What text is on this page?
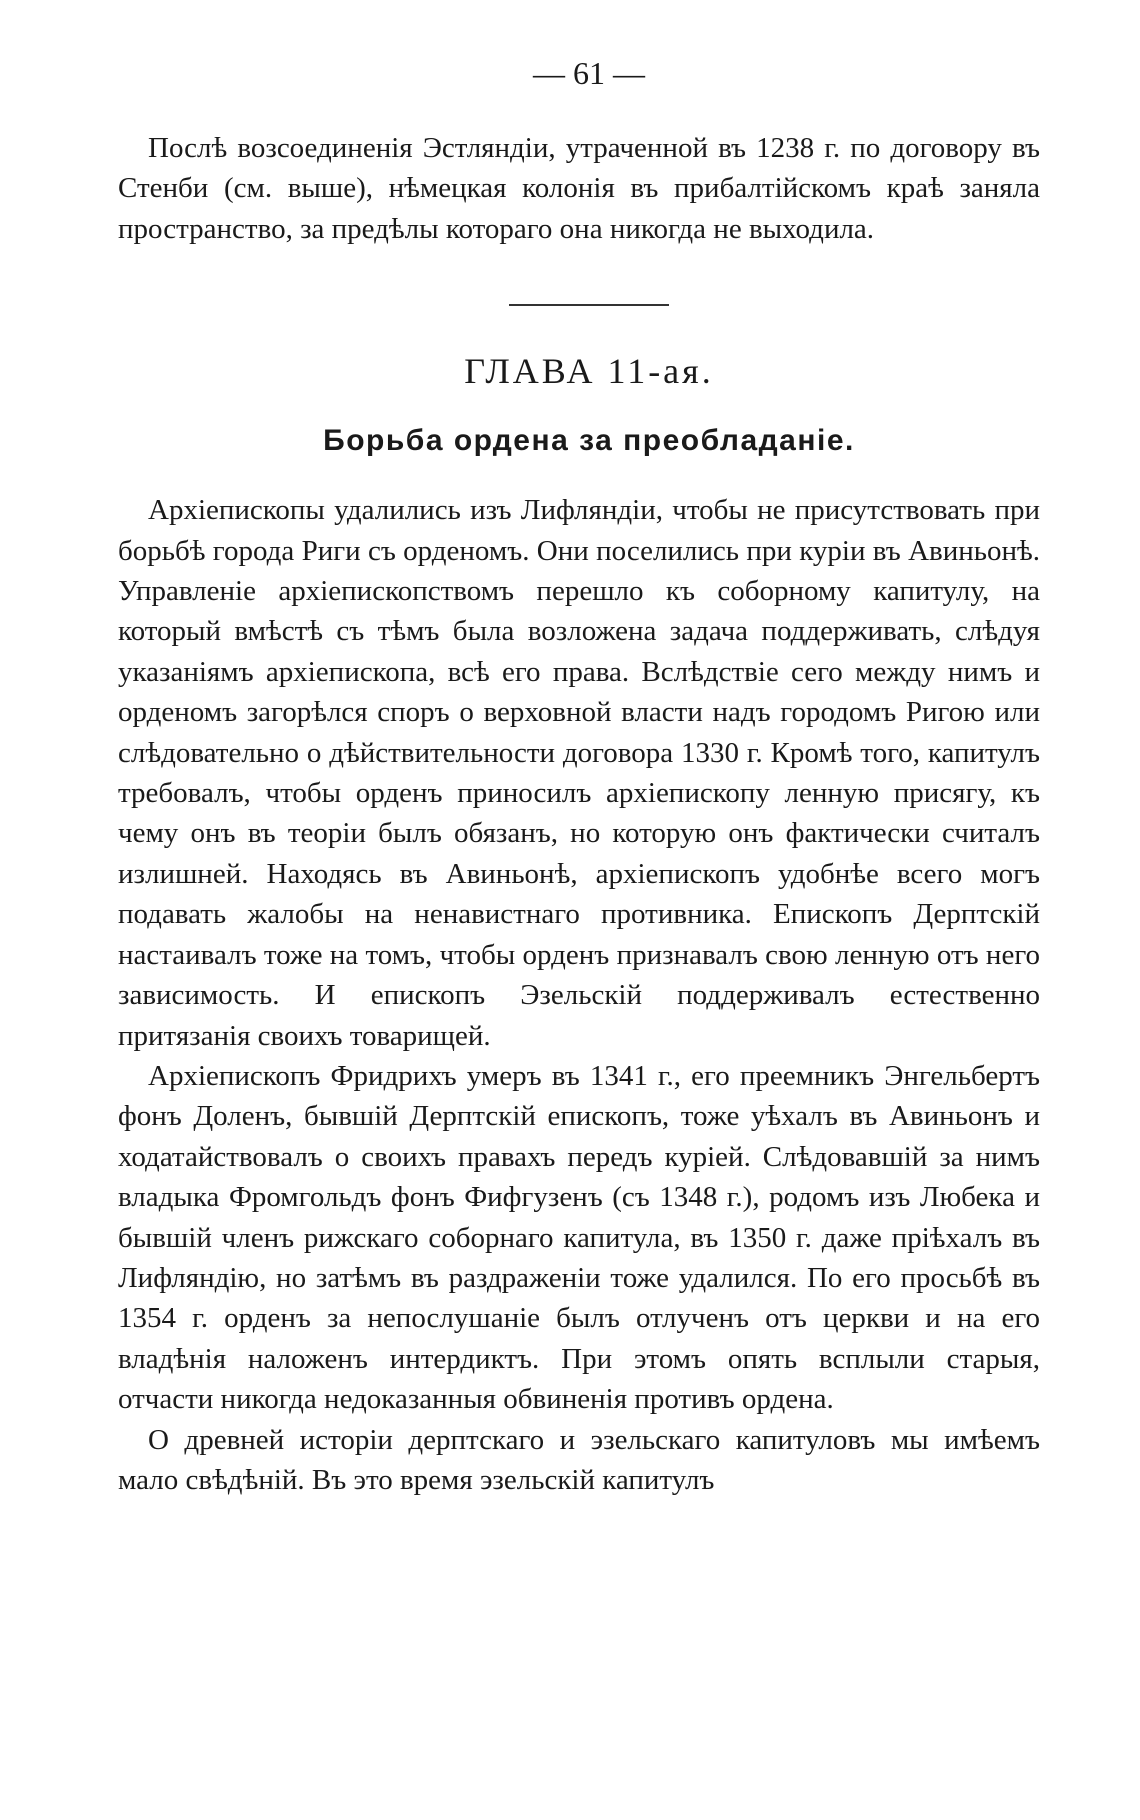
— 61 —

Послѣ возсоединенія Эстляндіи, утраченной въ 1238 г. по договору въ Стенби (см. выше), нѣмецкая колонія въ прибалтійскомъ краѣ заняла пространство, за предѣлы котораго она никогда не выходила.

ГЛАВА 11-ая.
Борьба ордена за преобладаніе.

Архіепископы удалились изъ Лифляндіи, чтобы не присутствовать при борьбѣ города Риги съ орденомъ. Они поселились при куріи въ Авиньонѣ. Управленіе архіепископствомъ перешло къ соборному капитулу, на который вмѣстѣ съ тѣмъ была возложена задача поддерживать, слѣдуя указаніямъ архіепископа, всѣ его права. Вслѣдствіе сего между нимъ и орденомъ загорѣлся споръ о верховной власти надъ городомъ Ригою или слѣдовательно о дѣйствительности договора 1330 г. Кромѣ того, капитулъ требовалъ, чтобы орденъ приносилъ архіепископу ленную присягу, къ чему онъ въ теоріи былъ обязанъ, но которую онъ фактически считалъ излишней. Находясь въ Авиньонѣ, архіепископъ удобнѣе всего могъ подавать жалобы на ненавистнаго противника. Епископъ Дерптскій настаивалъ тоже на томъ, чтобы орденъ признавалъ свою ленную отъ него зависимость. И епископъ Эзельскій поддерживалъ естественно притязанія своихъ товарищей.

Архіепископъ Фридрихъ умеръ въ 1341 г., его преемникъ Энгельбертъ фонъ Доленъ, бывшій Дерптскій епископъ, тоже уѣхалъ въ Авиньонъ и ходатайствовалъ о своихъ правахъ передъ куріей. Слѣдовавшій за нимъ владыка Фромгольдъ фонъ Фифгузенъ (съ 1348 г.), родомъ изъ Любека и бывшій членъ рижскаго соборнаго капитула, въ 1350 г. даже пріѣхалъ въ Лифляндію, но затѣмъ въ раздраженіи тоже удалился. По его просьбѣ въ 1354 г. орденъ за непослушаніе былъ отлученъ отъ церкви и на его владѣнія наложенъ интердиктъ. При этомъ опять всплыли старыя, отчасти никогда недоказанныя обвиненія противъ ордена.

О древней исторіи дерптскаго и эзельскаго капитуловъ мы имѣемъ мало свѣдѣній. Въ это время эзельскій капитулъ
